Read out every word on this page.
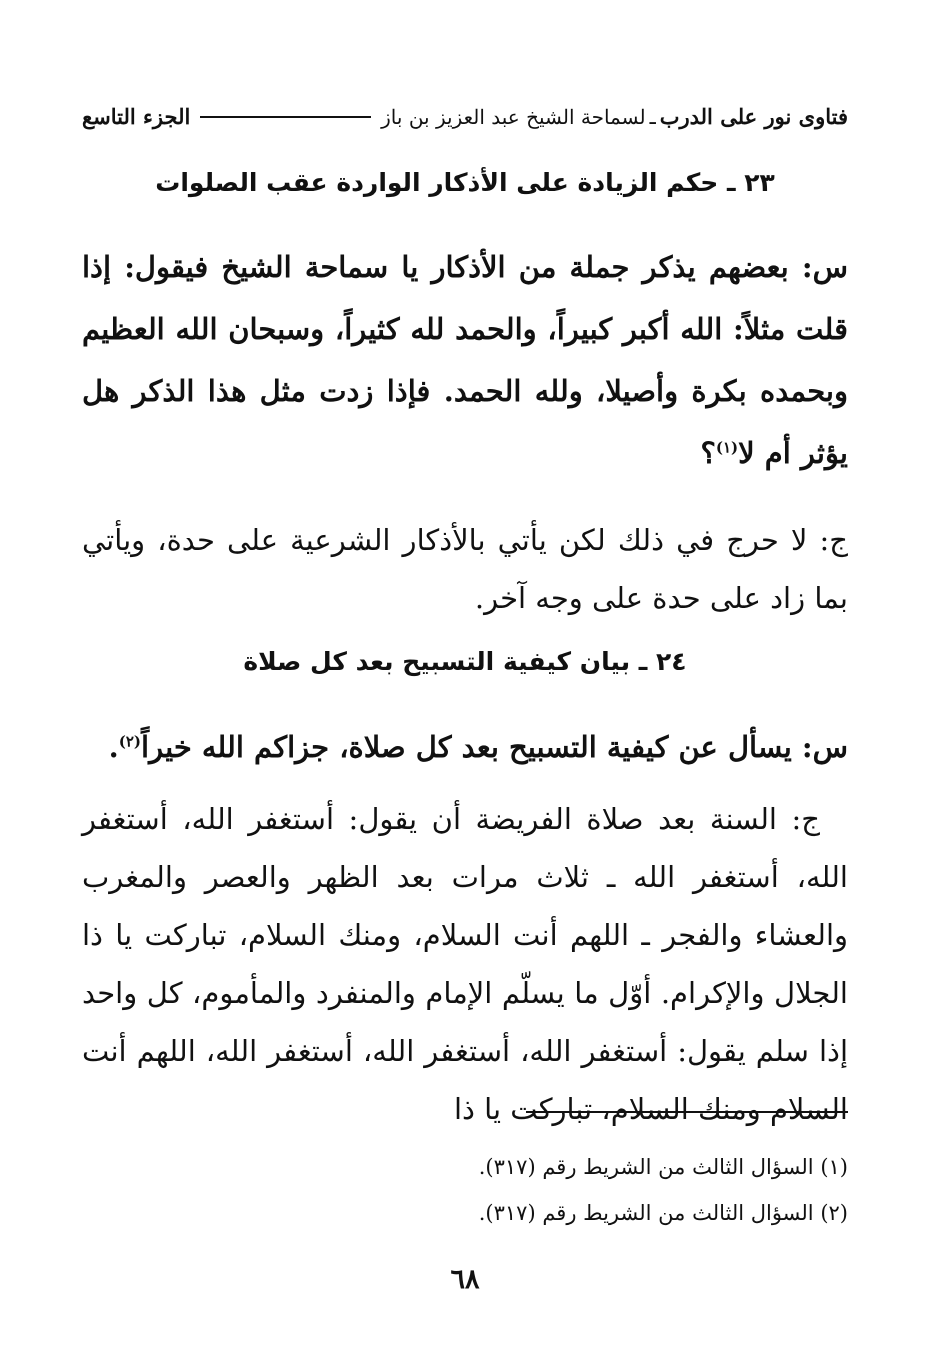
فتاوى نور على الدرب
ـ
لسماحة الشيخ عبد العزيز بن باز
الجزء التاسع
٢٣ ـ حكم الزيادة على الأذكار الواردة عقب الصلوات
س: بعضهم يذكر جملة من الأذكار يا سماحة الشيخ فيقول: إذا قلت مثلاً: الله أكبر كبيراً، والحمد لله كثيراً، وسبحان الله العظيم وبحمده بكرة وأصيلا، ولله الحمد. فإذا زدت مثل هذا الذكر هل يؤثر أم لا$^{(١)}$؟
ج: لا حرج في ذلك لكن يأتي بالأذكار الشرعية على حدة، ويأتي بما زاد على حدة على وجه آخر.
٢٤ ـ بيان كيفية التسبيح بعد كل صلاة
س: يسأل عن كيفية التسبيح بعد كل صلاة، جزاكم الله خيراً$^{(٢)}$.
ج: السنة بعد صلاة الفريضة أن يقول: أستغفر الله، أستغفر الله، أستغفر الله ـ ثلاث مرات بعد الظهر والعصر والمغرب والعشاء والفجر ـ اللهم أنت السلام، ومنك السلام، تباركت يا ذا الجلال والإكرام. أوّل ما يسلّم الإمام والمنفرد والمأموم، كل واحد إذا سلم يقول: أستغفر الله، أستغفر الله، أستغفر الله، اللهم أنت السلام ومنك السلام، تباركت يا ذا
(١) السؤال الثالث من الشريط رقم (٣١٧).
(٢) السؤال الثالث من الشريط رقم (٣١٧).
٦٨
